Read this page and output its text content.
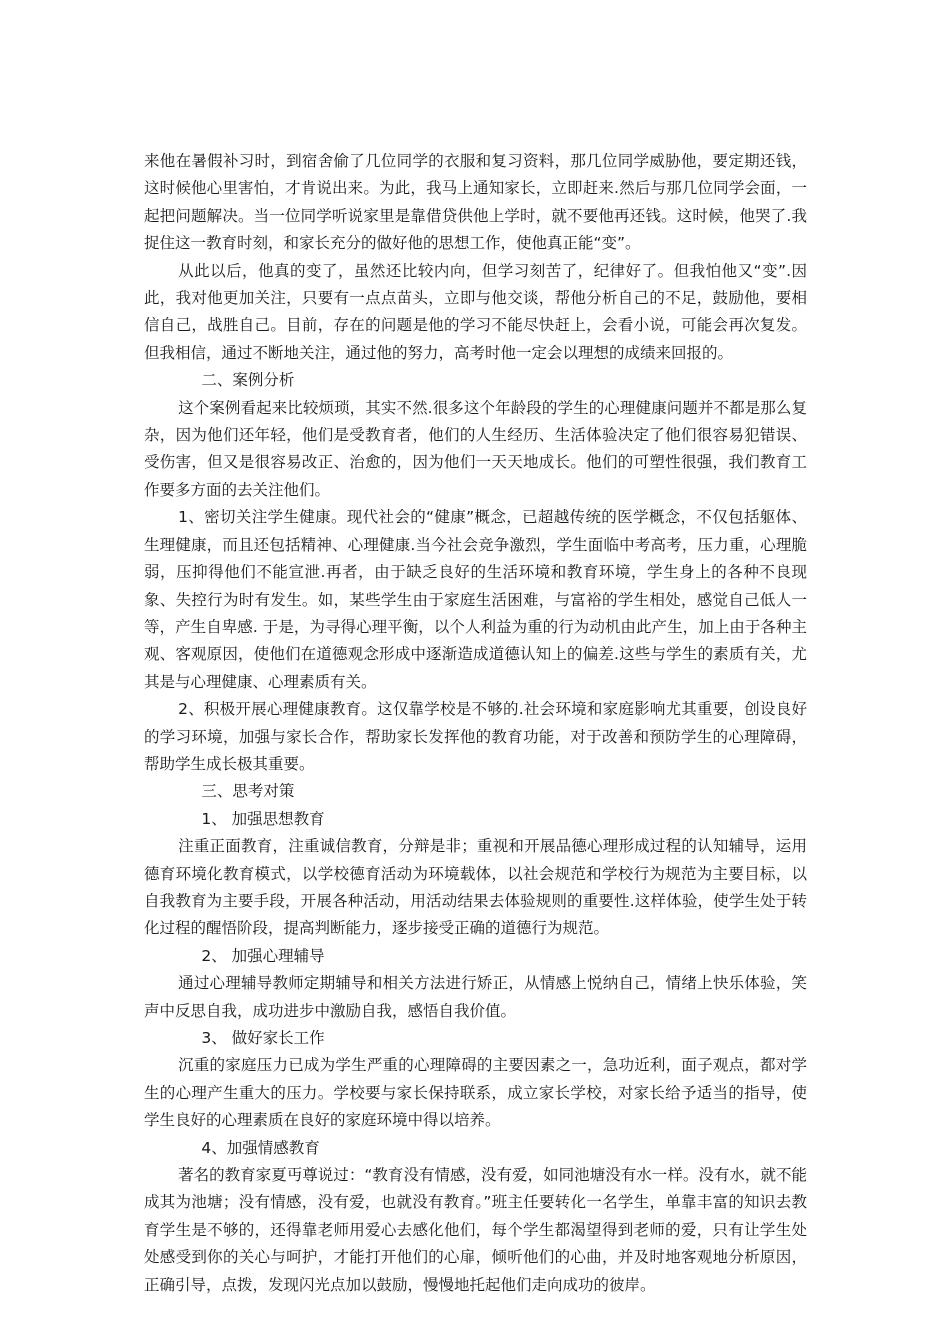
来他在暑假补习时，到宿舍偷了几位同学的衣服和复习资料，那几位同学威胁他，要定期还钱，这时候他心里害怕，才肯说出来。为此，我马上通知家长，立即赶来.然后与那几位同学会面，一起把问题解决。当一位同学听说家里是靠借贷供他上学时，就不要他再还钱。这时候，他哭了.我捉住这一教育时刻，和家长充分的做好他的思想工作，使他真正能“变”。

从此以后，他真的变了，虽然还比较内向，但学习刻苦了，纪律好了。但我怕他又“变”.因此，我对他更加关注，只要有一点点苗头，立即与他交谈，帮他分析自己的不足，鼓励他，要相信自己，战胜自己。目前，存在的问题是他的学习不能尽快赶上，会看小说，可能会再次复发。但我相信，通过不断地关注，通过他的努力，高考时他一定会以理想的成绩来回报的。

二、案例分析

这个案例看起来比较烦琐，其实不然.很多这个年龄段的学生的心理健康问题并不都是那么复杂，因为他们还年轻，他们是受教育者，他们的人生经历、生活体验决定了他们很容易犯错误、受伤害，但又是很容易改正、治愈的，因为他们一天天地成长。他们的可塑性很强，我们教育工作要多方面的去关注他们。

1、密切关注学生健康。现代社会的“健康”概念，已超越传统的医学概念，不仅包括躯体、生理健康，而且还包括精神、心理健康.当今社会竞争激烈，学生面临中考高考，压力重，心理脆弱，压抑得他们不能宣泄.再者，由于缺乏良好的生活环境和教育环境，学生身上的各种不良现象、失控行为时有发生。如，某些学生由于家庭生活困难，与富裕的学生相处，感觉自己低人一等，产生自卑感. 于是，为寻得心理平衡，以个人利益为重的行为动机由此产生，加上由于各种主观、客观原因，使他们在道德观念形成中逐渐造成道德认知上的偏差.这些与学生的素质有关，尤其是与心理健康、心理素质有关。

2、积极开展心理健康教育。这仅靠学校是不够的.社会环境和家庭影响尤其重要，创设良好的学习环境，加强与家长合作，帮助家长发挥他的教育功能，对于改善和预防学生的心理障碍，帮助学生成长极其重要。

三、思考对策

1、 加强思想教育

注重正面教育，注重诚信教育，分辩是非；重视和开展品德心理形成过程的认知辅导，运用德育环境化教育模式，以学校德育活动为环境载体，以社会规范和学校行为规范为主要目标，以自我教育为主要手段，开展各种活动，用活动结果去体验规则的重要性.这样体验，使学生处于转化过程的醒悟阶段，提高判断能力，逐步接受正确的道德行为规范。

2、 加强心理辅导

通过心理辅导教师定期辅导和相关方法进行矫正，从情感上悦纳自己，情绪上快乐体验，笑声中反思自我，成功进步中激励自我，感悟自我价值。

3、 做好家长工作

沉重的家庭压力已成为学生严重的心理障碍的主要因素之一，急功近利，面子观点，都对学生的心理产生重大的压力。学校要与家长保持联系，成立家长学校，对家长给予适当的指导，使学生良好的心理素质在良好的家庭环境中得以培养。

4、加强情感教育

著名的教育家夏丏尊说过：“教育没有情感，没有爱，如同池塘没有水一样。没有水，就不能成其为池塘；没有情感，没有爱，也就没有教育。”班主任要转化一名学生，单靠丰富的知识去教育学生是不够的，还得靠老师用爱心去感化他们，每个学生都渴望得到老师的爱，只有让学生处处感受到你的关心与呵护，才能打开他们的心扉，倾听他们的心曲，并及时地客观地分析原因，正确引导，点拨，发现闪光点加以鼓励，慢慢地托起他们走向成功的彼岸。
